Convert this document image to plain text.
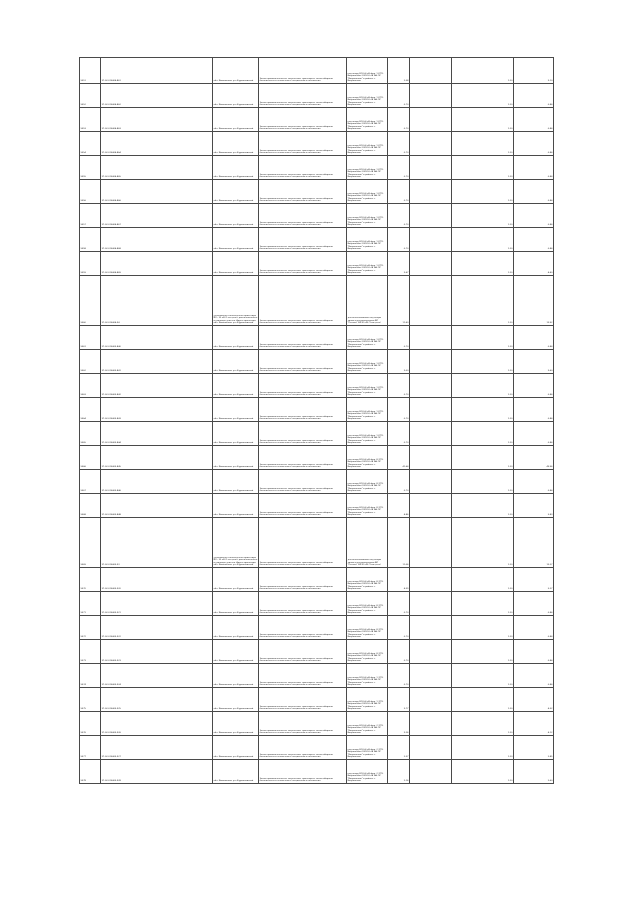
5551	37:02:010404:861	обл. Ивановская, р-н Фурмановский	Земли промышленности, энергетики, транспорта, земли обороны, безопасности и земли иного специального назначения	под опору ВЛ-0,4 кВ фид. 1 КТП-Вахромеево-1 ВЛ-10 кВ №6 ПС "Вахромеево" в районе с. Вахромеево	2,58		1,20	3,10
5552	37:02:010404:862	обл. Ивановская, р-н Фурмановский	Земли промышленности, энергетики, транспорта, земли обороны, безопасности и земли иного специального назначения	под опору ВЛ-0,4 кВ фид. 1 КТП-Вахромеево-1 ВЛ-10 кВ №6 ПС "Вахромеево" в районе с. Вахромеево	0,70		1,20	0,84
5553	37:02:010404:863	обл. Ивановская, р-н Фурмановский	Земли промышленности, энергетики, транспорта, земли обороны, безопасности и земли иного специального назначения	под опору ВЛ-0,4 кВ фид. 1 КТП-Вахромеево-1 ВЛ-10 кВ №6 ПС "Вахромеево" в районе с. Вахромеево	0,70		1,20	0,84
5554	37:02:010404:864	обл. Ивановская, р-н Фурмановский	Земли промышленности, энергетики, транспорта, земли обороны, безопасности и земли иного специального назначения	под опору ВЛ-0,4 кВ фид. 1 КТП-Вахромеево-1 ВЛ-10 кВ №6 ПС "Вахромеево" в районе с. Вахромеево	0,70		1,20	0,84
5555	37:02:010404:865	обл. Ивановская, р-н Фурмановский	Земли промышленности, энергетики, транспорта, земли обороны, безопасности и земли иного специального назначения	под опору ВЛ-0,4 кВ фид. 1 КТП-Вахромеево-1 ВЛ-10 кВ №6 ПС "Вахромеево" в районе с. Вахромеево	0,70		1,20	0,84
5556	37:02:010404:866	обл. Ивановская, р-н Фурмановский	Земли промышленности, энергетики, транспорта, земли обороны, безопасности и земли иного специального назначения	под опору ВЛ-0,4 кВ фид. 1 КТП-Вахромеево-1 ВЛ-10 кВ №6 ПС "Вахромеево" в районе с. Вахромеево	0,70		1,20	0,84
5557	37:02:010404:867	обл. Ивановская, р-н Фурмановский	Земли промышленности, энергетики, транспорта, земли обороны, безопасности и земли иного специального назначения	под опору ВЛ-0,4 кВ фид. 1 КТП-Вахромеево-1 ВЛ-10 кВ №6 ПС "Вахромеево" в районе с. Вахромеево	0,70		1,20	0,84
5558	37:02:010404:868	обл. Ивановская, р-н Фурмановский	Земли промышленности, энергетики, транспорта, земли обороны, безопасности и земли иного специального назначения	под опору ВЛ-0,4 кВ фид. 1 КТП-Вахромеево-1 ВЛ-10 кВ №6 ПС "Вахромеево" в районе с. Вахромеево	0,70		1,20	0,84
5559	37:02:010404:869	обл. Ивановская, р-н Фурмановский	Земли промышленности, энергетики, транспорта, земли обороны, безопасности и земли иного специального назначения	под опору ВЛ-0,4 кВ фид. 1 КТП-Вахромеево-1 ВЛ-10 кВ №6 ПС "Вахромеево" в районе с. Вахромеево	3,67		1,20	4,40
5560	37:02:010404:94	установлено относительно ориентира ВЛ - 35 кВ (1-ая цепь), расположенного в границах участка. Адрес ориентира: обл. Ивановская, р-н Фурмановский	Земли промышленности, энергетики, транспорта, земли обороны, безопасности и земли иного специального назначения	для использования под опоры линии электропередачи ВЛ "Пеньки" ВЛ-35 кВ (1-ая цепь)	11,60		1,20	13,92
5561	37:02:010405:840	обл. Ивановская, р-н Фурмановский	Земли промышленности, энергетики, транспорта, земли обороны, безопасности и земли иного специального назначения	под опору ВЛ-0,4 кВ фид. 1 КТП-Вахромеево-1 ВЛ-10 кВ №6 ПС "Вахромеево" в районе с. Вахромеево	0,70		1,20	0,84
5562	37:02:010405:841	обл. Ивановская, р-н Фурмановский	Земли промышленности, энергетики, транспорта, земли обороны, безопасности и земли иного специального назначения	под опору ВЛ-0,4 кВ фид. 1 КТП-Вахромеево-1 ВЛ-10 кВ №6 ПС "Вахромеево" в районе с. Вахромеево	3,00		1,20	3,60
5563	37:02:010405:842	обл. Ивановская, р-н Фурмановский	Земли промышленности, энергетики, транспорта, земли обороны, безопасности и земли иного специального назначения	под опору ВЛ-0,4 кВ фид. 1 КТП-Вахромеево-1 ВЛ-10 кВ №6 ПС "Вахромеево" в районе с. Вахромеево	0,70		1,20	0,84
5564	37:02:010405:843	обл. Ивановская, р-н Фурмановский	Земли промышленности, энергетики, транспорта, земли обороны, безопасности и земли иного специального назначения	под опору ВЛ-0,4 кВ фид. 1 КТП-Вахромеево-1 ВЛ-10 кВ №6 ПС "Вахромеево" в районе с. Вахромеево	0,70		1,20	0,84
5565	37:02:010405:844	обл. Ивановская, р-н Фурмановский	Земли промышленности, энергетики, транспорта, земли обороны, безопасности и земли иного специального назначения	под опору ВЛ-0,4 кВ фид. 1 КТП-Вахромеево-1 ВЛ-10 кВ №6 ПС "Вахромеево" в районе с. Вахромеево	0,70		1,20	0,84
5566	37:02:010405:845	обл. Ивановская, р-н Фурмановский	Земли промышленности, энергетики, транспорта, земли обороны, безопасности и земли иного специального назначения	под опору ВЛ-0,4 кВ фид. 8 ЗТП-Вахромеево-2 ВЛ-10 кВ №6 ПС "Вахромеево" в районе с. Вахромеево	41,64		1,20	49,96
5567	37:02:010405:846	обл. Ивановская, р-н Фурмановский	Земли промышленности, энергетики, транспорта, земли обороны, безопасности и земли иного специального назначения	под опору ВЛ-0,4 кВ фид. 8 ЗТП-Вахромеево-2 ВЛ-10 кВ №6 ПС "Вахромеево" в районе с. Вахромеево	0,70		1,20	0,84
5568	37:02:010405:848	обл. Ивановская, р-н Фурмановский	Земли промышленности, энергетики, транспорта, земли обороны, безопасности и земли иного специального назначения	под опору ВЛ-0,4 кВ фид. 8 ЗТП-Вахромеево-2 ВЛ-10 кВ №6 ПС "Вахромеево" в районе с. Вахромеево	4,86		1,20	5,83
5569	37:02:010405:93	установлено относительно ориентира ВЛ - 35 кВ (1-ая цепь), расположенного в границах участка. Адрес ориентира: обл. Ивановская, р-н Фурмановский	Земли промышленности, энергетики, транспорта, земли обороны, безопасности и земли иного специального назначения	для использования под опоры линии электропередачи ВЛ "Пеньки" ВЛ-35 кВ (1-ая цепь)	11,06		1,20	13,27
5570	37:02:010405:920	обл. Ивановская, р-н Фурмановский	Земли промышленности, энергетики, транспорта, земли обороны, безопасности и земли иного специального назначения	под опору ВЛ-0,4 кВ фид. 8 ЗТП-Вахромеево-2 ВЛ-10 кВ №6 ПС "Вахромеево" в районе с. Вахромеево	4,39		1,20	5,27
5571	37:02:010405:921	обл. Ивановская, р-н Фурмановский	Земли промышленности, энергетики, транспорта, земли обороны, безопасности и земли иного специального назначения	под опору ВЛ-0,4 кВ фид. 8 ЗТП-Вахромеево-2 ВЛ-10 кВ №6 ПС "Вахромеево" в районе с. Вахромеево	0,70		1,20	0,84
5572	37:02:010405:922	обл. Ивановская, р-н Фурмановский	Земли промышленности, энергетики, транспорта, земли обороны, безопасности и земли иного специального назначения	под опору ВЛ-0,4 кВ фид. 8 ЗТП-Вахромеево-2 ВЛ-10 кВ №6 ПС "Вахромеево" в районе с. Вахромеево	0,70		1,20	0,84
5573	37:02:010405:923	обл. Ивановская, р-н Фурмановский	Земли промышленности, энергетики, транспорта, земли обороны, безопасности и земли иного специального назначения	под опору ВЛ-0,4 кВ фид. 8 ЗТП-Вахромеево-2 ВЛ-10 кВ №6 ПС "Вахромеево" в районе с. Вахромеево	0,70		1,20	0,84
5574	37:02:010405:924	обл. Ивановская, р-н Фурмановский	Земли промышленности, энергетики, транспорта, земли обороны, безопасности и земли иного специального назначения	под опору ВЛ-0,4 кВ фид. 1 ЗТП-Вахромеево-2 ВЛ-10 кВ №6 ПС "Вахромеево" в районе с. Вахромеево	0,70		1,20	0,84
5575	37:02:010405:925	обл. Ивановская, р-н Фурмановский	Земли промышленности, энергетики, транспорта, земли обороны, безопасности и земли иного специального назначения	под опору ВЛ-0,4 кВ фид. 1 ЗТП-Вахромеево-2 ВЛ-10 кВ №6 ПС "Вахромеево" в районе с. Вахромеево	3,77		1,20	4,52
5576	37:02:010405:926	обл. Ивановская, р-н Фурмановский	Земли промышленности, энергетики, транспорта, земли обороны, безопасности и земли иного специального назначения	под опору ВЛ-0,4 кВ фид. 2 ЗТП-Вахромеево-2 ВЛ-10 кВ №6 ПС "Вахромеево" в районе с. Вахромеево	3,26		1,20	4,12
5577	37:02:010405:927	обл. Ивановская, р-н Фурмановский	Земли промышленности, энергетики, транспорта, земли обороны, безопасности и земли иного специального назначения	под опору ВЛ-0,4 кВ фид. 2 ЗТП-Вахромеево-2 ВЛ-10 кВ №6 ПС "Вахромеево" в районе с. Вахромеево	2,37		1,20	2,85
5578	37:02:010405:928	обл. Ивановская, р-н Фурмановский	Земли промышленности, энергетики, транспорта, земли обороны, безопасности и земли иного специального назначения	под опору ВЛ-0,4 кВ фид. 2 ЗТП-Вахромеево-2 ВЛ-10 кВ №6 ПС "Вахромеево" в районе с. Вахромеево	2,16		1,20	2,60
